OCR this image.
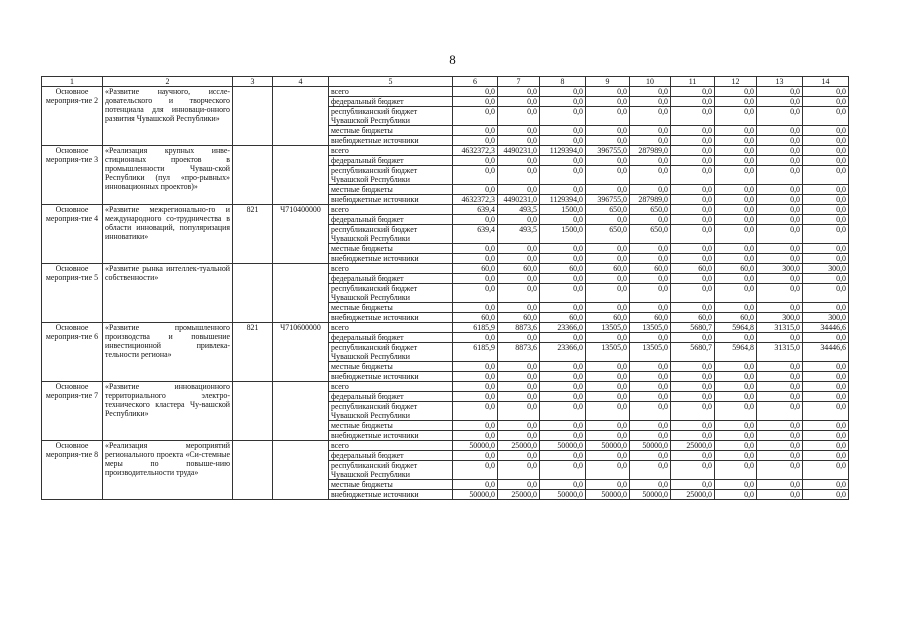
8
1	2	3	4	5	6	7	8	9	10	11	12	13	14
Основное мероприя-тие 2	«Развитие научного, иссле-довательского и творческого потенциала для инноваци-онного развития Чувашской Республики»			всего	0,0	0,0	0,0	0,0	0,0	0,0	0,0	0,0	0,0
				федеральный бюджет	0,0	0,0	0,0	0,0	0,0	0,0	0,0	0,0	0,0
				республиканский бюджет Чувашской Республики	0,0	0,0	0,0	0,0	0,0	0,0	0,0	0,0	0,0
				местные бюджеты	0,0	0,0	0,0	0,0	0,0	0,0	0,0	0,0	0,0
				внебюджетные источники	0,0	0,0	0,0	0,0	0,0	0,0	0,0	0,0	0,0
Основное мероприя-тие 3	«Реализация крупных инве-стиционных проектов в промышленности Чуваш-ской Республики (пул «про-рывных» инновационных проектов)»			всего	4632372,3	4490231,0	1129394,0	396755,0	287989,0	0,0	0,0	0,0	0,0
				федеральный бюджет	0,0	0,0	0,0	0,0	0,0	0,0	0,0	0,0	0,0
				республиканский бюджет Чувашской Республики	0,0	0,0	0,0	0,0	0,0	0,0	0,0	0,0	0,0
				местные бюджеты	0,0	0,0	0,0	0,0	0,0	0,0	0,0	0,0	0,0
				внебюджетные источники	4632372,3	4490231,0	1129394,0	396755,0	287989,0	0,0	0,0	0,0	0,0
Основное мероприя-тие 4	«Развитие межрегионально-го и международного со-трудничества в области инноваций, популяризация инноватики»	821	Ч710400000	всего	639,4	493,5	1500,0	650,0	650,0	0,0	0,0	0,0	0,0
				федеральный бюджет	0,0	0,0	0,0	0,0	0,0	0,0	0,0	0,0	0,0
				республиканский бюджет Чувашской Республики	639,4	493,5	1500,0	650,0	650,0	0,0	0,0	0,0	0,0
				местные бюджеты	0,0	0,0	0,0	0,0	0,0	0,0	0,0	0,0	0,0
				внебюджетные источники	0,0	0,0	0,0	0,0	0,0	0,0	0,0	0,0	0,0
Основное мероприя-тие 5	«Развитие рынка интеллек-туальной собственности»			всего	60,0	60,0	60,0	60,0	60,0	60,0	60,0	300,0	300,0
				федеральный бюджет	0,0	0,0	0,0	0,0	0,0	0,0	0,0	0,0	0,0
				республиканский бюджет Чувашской Республики	0,0	0,0	0,0	0,0	0,0	0,0	0,0	0,0	0,0
				местные бюджеты	0,0	0,0	0,0	0,0	0,0	0,0	0,0	0,0	0,0
				внебюджетные источники	60,0	60,0	60,0	60,0	60,0	60,0	60,0	300,0	300,0
Основное мероприя-тие 6	«Развитие промышленного производства и повышение инвестиционной привлека-тельности региона»	821	Ч710600000	всего	6185,9	8873,6	23366,0	13505,0	13505,0	5680,7	5964,8	31315,0	34446,6
				федеральный бюджет	0,0	0,0	0,0	0,0	0,0	0,0	0,0	0,0	0,0
				республиканский бюджет Чувашской Республики	6185,9	8873,6	23366,0	13505,0	13505,0	5680,7	5964,8	31315,0	34446,6
				местные бюджеты	0,0	0,0	0,0	0,0	0,0	0,0	0,0	0,0	0,0
				внебюджетные источники	0,0	0,0	0,0	0,0	0,0	0,0	0,0	0,0	0,0
Основное мероприя-тие 7	«Развитие инновационного территориального электро-технического кластера Чу-вашской Республики»			всего	0,0	0,0	0,0	0,0	0,0	0,0	0,0	0,0	0,0
				федеральный бюджет	0,0	0,0	0,0	0,0	0,0	0,0	0,0	0,0	0,0
				республиканский бюджет Чувашской Республики	0,0	0,0	0,0	0,0	0,0	0,0	0,0	0,0	0,0
				местные бюджеты	0,0	0,0	0,0	0,0	0,0	0,0	0,0	0,0	0,0
				внебюджетные источники	0,0	0,0	0,0	0,0	0,0	0,0	0,0	0,0	0,0
Основное мероприя-тие 8	«Реализация мероприятий регионального проекта «Си-стемные меры по повыше-нию производительности труда»			всего	50000,0	25000,0	50000,0	50000,0	50000,0	25000,0	0,0	0,0	0,0
				федеральный бюджет	0,0	0,0	0,0	0,0	0,0	0,0	0,0	0,0	0,0
				республиканский бюджет Чувашской Республики	0,0	0,0	0,0	0,0	0,0	0,0	0,0	0,0	0,0
				местные бюджеты	0,0	0,0	0,0	0,0	0,0	0,0	0,0	0,0	0,0
				внебюджетные источники	50000,0	25000,0	50000,0	50000,0	50000,0	25000,0	0,0	0,0	0,0
